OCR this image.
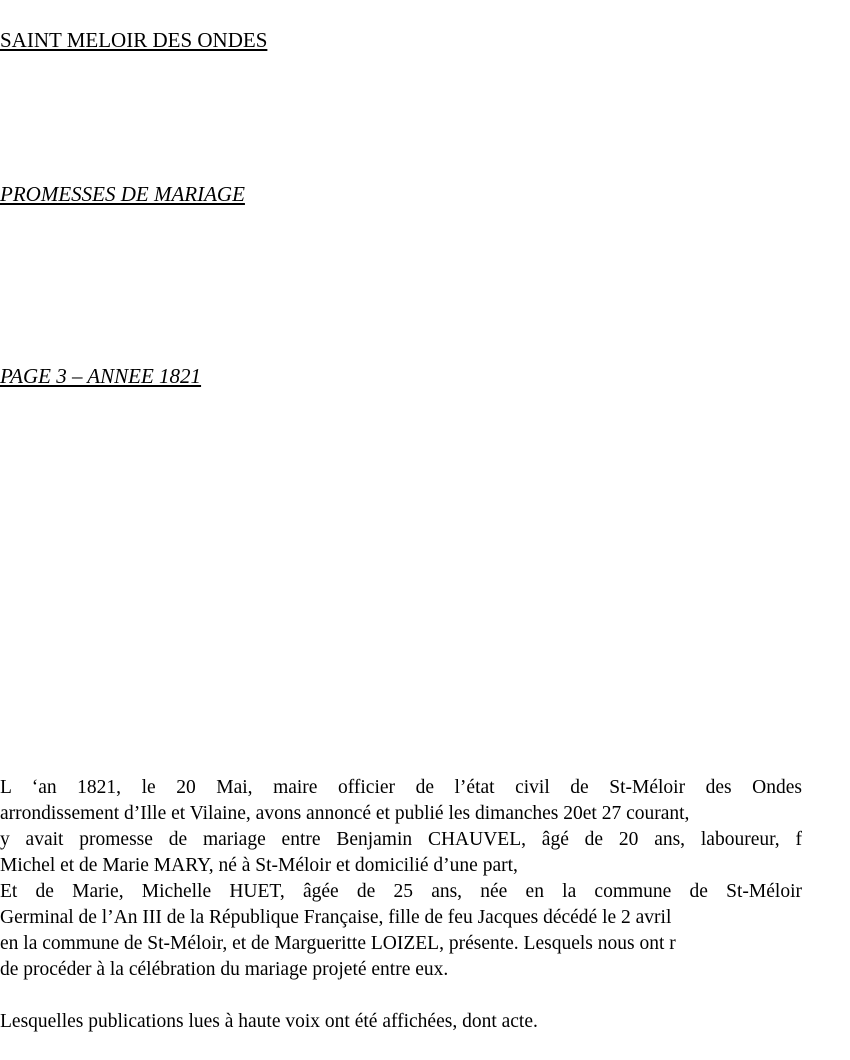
SAINT MELOIR DES ONDES
PROMESSES DE MARIAGE
PAGE 3 – ANNEE 1821
L ‘an 1821, le 20 Mai, maire officier de l’état civil de St-Méloir des Ondes
arrondissement d’Ille et Vilaine, avons annoncé et publié les dimanches 20et 27 courant,
y avait promesse de mariage entre Benjamin CHAUVEL, âgé de 20 ans, laboureur, f
Michel et de Marie MARY, né à St-Méloir et domicilié d’une part,
Et de Marie, Michelle HUET, âgée de 25 ans, née en la commune de St-Méloir
Germinal de l’An III de la République Française, fille de feu Jacques décédé le 2 avril
en la commune de St-Méloir, et de Margueritte LOIZEL, présente. Lesquels nous ont r
de procéder à la célébration du mariage projeté entre eux.
Lesquelles publications lues à haute voix ont été affichées, dont acte.
